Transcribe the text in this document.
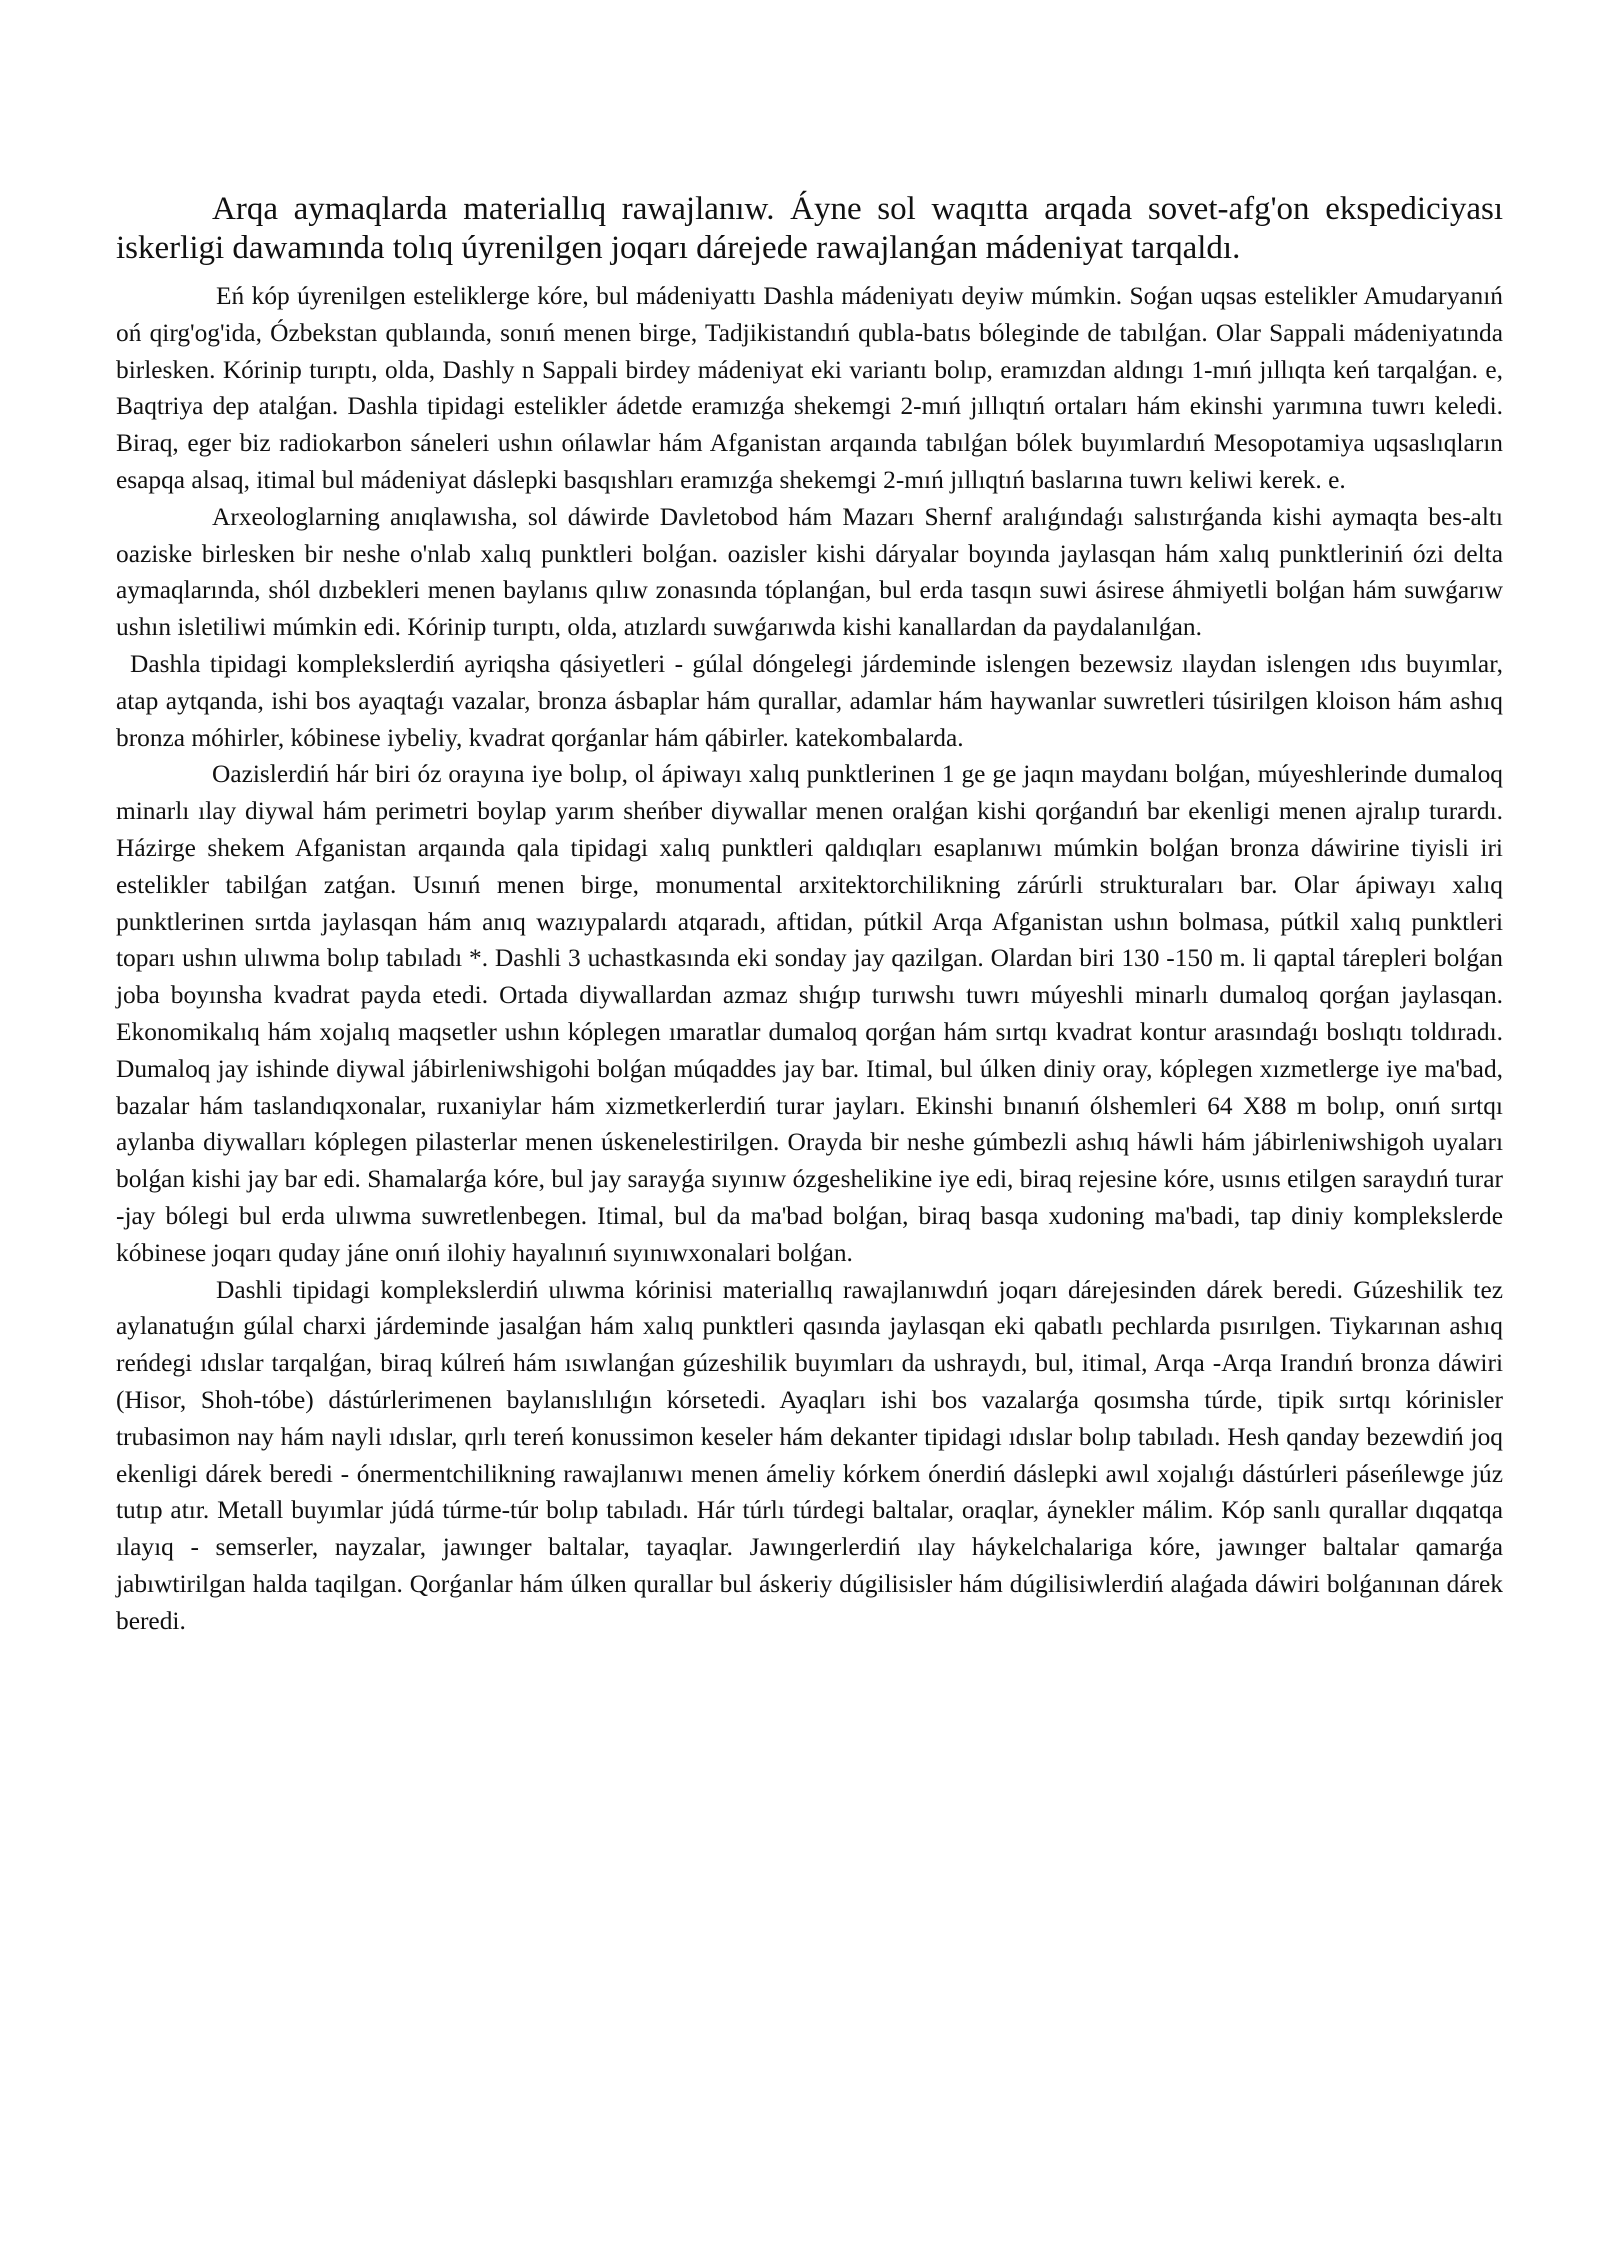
Arqa aymaqlarda materiallıq rawajlanıw. Áyne sol waqıtta arqada sovet-afg'on ekspediciyası iskerligi dawamında tolıq úyrenilgen joqarı dárejede rawajlanǵan mádeniyat tarqaldı.

Eń kóp úyrenilgen esteliklerge kóre, bul mádeniyattı Dashla mádeniyatı deyiw múmkin. Soǵan uqsas estelikler Amudaryanıń oń qirg'og'ida, Ózbekstan qublaında, sonıń menen birge, Tadjikistandıń qubla-batıs bóleginde de tabılǵan. Olar Sappali mádeniyatında birlesken. Kórinip turıptı, olda, Dashly n Sappali birdey mádeniyat eki variantı bolıp, eramızdan aldıngı 1-mıń jıllıqta keń tarqalǵan. e, Baqtriya dep atalǵan. Dashla tipidagi estelikler ádetde eramızǵa shekemgi 2-mıń jıllıqtıń ortaları hám ekinshi yarımına tuwrı keledi. Biraq, eger biz radiokarbon sáneleri ushın ońlawlar hám Afganistan arqaında tabılǵan bólek buyımlardıń Mesopotamiya uqsaslıqların esapqa alsaq, itimal bul mádeniyat dáslepki basqıshları eramızǵa shekemgi 2-mıń jıllıqtıń baslarına tuwrı keliwi kerek. e.

Arxeologlarning anıqlawısha, sol dáwirde Davletobod hám Mazarı Shernf aralıǵındaǵı salıstırǵanda kishi aymaqta bes-altı oaziske birlesken bir neshe o'nlab xalıq punktleri bolǵan. oazisler kishi dáryalar boyında jaylasqan hám xalıq punktleriniń ózi delta aymaqlarında, shól dızbekleri menen baylanıs qılıw zonasında tóplanǵan, bul erda tasqın suwi ásirese áhmiyetli bolǵan hám suwǵarıw ushın isletiliwi múmkin edi. Kórinip turıptı, olda, atızlardı suwǵarıwda kishi kanallardan da paydalanılǵan.

Dashla tipidagi komplekslerdiń ayriqsha qásiyetleri - gúlal dóngelegi járdeminde islengen bezewsiz ılaydan islengen ıdıs buyımlar, atap aytqanda, ishi bos ayaqtaǵı vazalar, bronza ásbaplar hám qurallar, adamlar hám haywanlar suwretleri túsirilgen kloison hám ashıq bronza móhirler, kóbinese iybeliy, kvadrat qorǵanlar hám qábirler. katekombalarda.

Oazislerdiń hár biri óz orayına iye bolıp, ol ápiwayı xalıq punktlerinen 1 ge ge jaqın maydanı bolǵan, múyeshlerinde dumaloq minarlı ılay diywal hám perimetri boylap yarım sheńber diywallar menen oralǵan kishi qorǵandıń bar ekenligi menen ajralıp turardı. Házirge shekem Afganistan arqaında qala tipidagi xalıq punktleri qaldıqları esaplanıwı múmkin bolǵan bronza dáwirine tiyisli iri estelikler tabilǵan zatǵan. Usınıń menen birge, monumental arxitektorchilikning zárúrli strukturaları bar. Olar ápiwayı xalıq punktlerinen sırtda jaylasqan hám anıq wazıypalardı atqaradı, aftidan, pútkil Arqa Afganistan ushın bolmasa, pútkil xalıq punktleri toparı ushın ulıwma bolıp tabıladı *. Dashli 3 uchastkasında eki sonday jay qazilgan. Olardan biri 130 -150 m. li qaptal tárepleri bolǵan joba boyınsha kvadrat payda etedi. Ortada diywallardan azmaz shıǵıp turıwshı tuwrı múyeshli minarlı dumaloq qorǵan jaylasqan. Ekonomikalıq hám xojalıq maqsetler ushın kóplegen ımaratlar dumaloq qorǵan hám sırtqı kvadrat kontur arasındaǵı boslıqtı toldıradı. Dumaloq jay ishinde diywal jábirleniwshigohi bolǵan múqaddes jay bar. Itimal, bul úlken diniy oray, kóplegen xızmetlerge iye ma'bad, bazalar hám taslandıqxonalar, ruxaniylar hám xizmetkerlerdiń turar jayları. Ekinshi bınanıń ólshemleri 64 X88 m bolıp, onıń sırtqı aylanba diywalları kóplegen pilasterlar menen úskenelestirilgen. Orayda bir neshe gúmbezli ashıq háwli hám jábirleniwshigoh uyaları bolǵan kishi jay bar edi. Shamalarǵa kóre, bul jay sarayǵa sıyınıw ózgeshelikine iye edi, biraq rejesine kóre, usınıs etilgen saraydıń turar -jay bólegi bul erda ulıwma suwretlenbegen. Itimal, bul da ma'bad bolǵan, biraq basqa xudoning ma'badi, tap diniy komplekslerde kóbinese joqarı quday jáne onıń ilohiy hayalınıń sıyınıwxonalari bolǵan.

Dashli tipidagi komplekslerdiń ulıwma kórinisi materiallıq rawajlanıwdıń joqarı dárejesinden dárek beredi. Gúzeshilik tez aylanatuǵın gúlal charxi járdeminde jasalǵan hám xalıq punktleri qasında jaylasqan eki qabatlı pechlarda pısırılgen. Tiykarınan ashıq reńdegi ıdıslar tarqalǵan, biraq kúlreń hám ısıwlanǵan gúzeshilik buyımları da ushraydı, bul, itimal, Arqa -Arqa Irandıń bronza dáwiri (Hisor, Shoh-tóbe) dástúrlerimenen baylanıslılıǵın kórsetedi. Ayaqları ishi bos vazalarǵa qosımsha túrde, tipik sırtqı kórinisler trubasimon nay hám nayli ıdıslar, qırlı tereń konussimon keseler hám dekanter tipidagi ıdıslar bolıp tabıladı. Hesh qanday bezewdiń joq ekenligi dárek beredi - ónermentchilikning rawajlanıwı menen ámeliy kórkem ónerdiń dáslepki awıl xojalıǵı dástúrleri páseńlewge júz tutıp atır. Metall buyımlar júdá túrme-túr bolıp tabıladı. Hár túrlı túrdegi baltalar, oraqlar, áynekler málim. Kóp sanlı qurallar dıqqatqa ılayıq - semserler, nayzalar, jawınger baltalar, tayaqlar. Jawıngerlerdiń ılay háykelchalariga kóre, jawınger baltalar qamarǵa jabıwtirilgan halda taqilgan. Qorǵanlar hám úlken qurallar bul áskeriy dúgilisisler hám dúgilisiwlerdiń alaǵada dáwiri bolǵanınan dárek beredi.
